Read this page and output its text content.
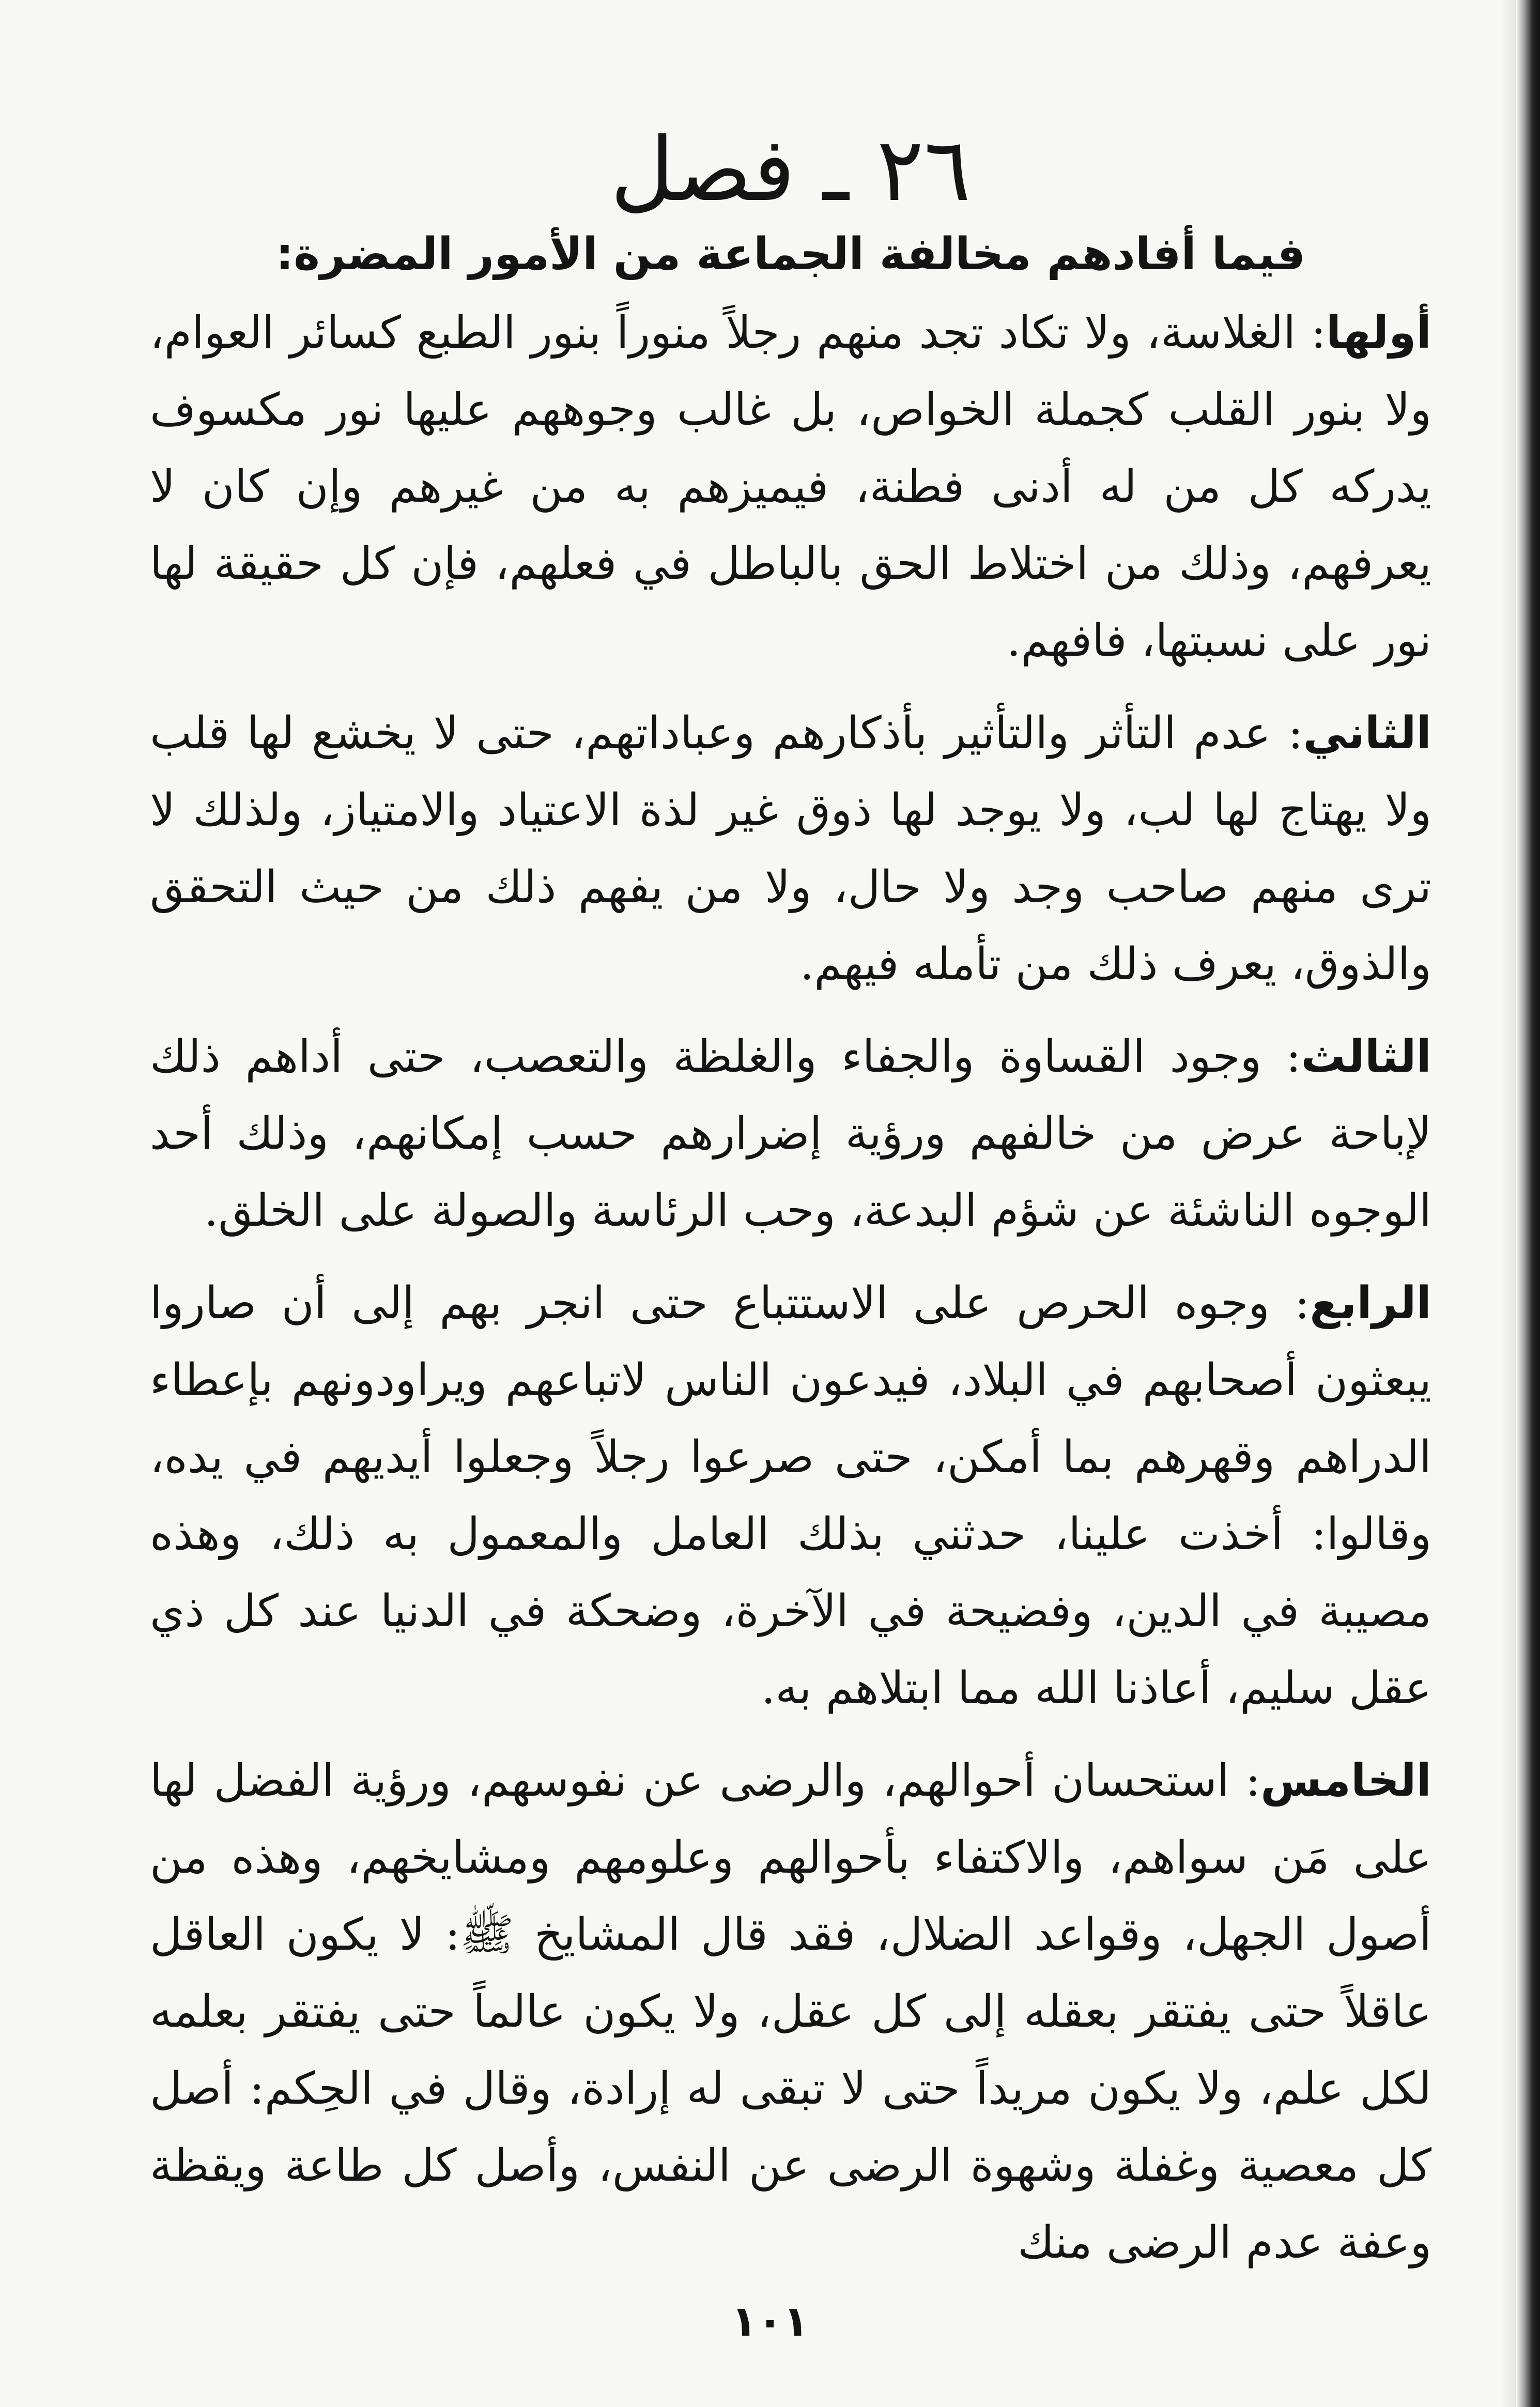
٢٦ ـ فصل
فيما أفادهم مخالفة الجماعة من الأمور المضرة:

أولها: الغلاسة، ولا تكاد تجد منهم رجلاً منوراً بنور الطبع كسائر العوام، ولا بنور القلب كجملة الخواص، بل غالب وجوههم عليها نور مكسوف يدركه كل من له أدنى فطنة، فيميزهم به من غيرهم وإن كان لا يعرفهم، وذلك من اختلاط الحق بالباطل في فعلهم، فإن كل حقيقة لها نور على نسبتها، فافهم.

الثاني: عدم التأثر والتأثير بأذكارهم وعباداتهم، حتى لا يخشع لها قلب ولا يهتاج لها لب، ولا يوجد لها ذوق غير لذة الاعتياد والامتياز، ولذلك لا ترى منهم صاحب وجد ولا حال، ولا من يفهم ذلك من حيث التحقق والذوق، يعرف ذلك من تأمله فيهم.

الثالث: وجود القساوة والجفاء والغلظة والتعصب، حتى أداهم ذلك لإباحة عرض من خالفهم ورؤية إضرارهم حسب إمكانهم، وذلك أحد الوجوه الناشئة عن شؤم البدعة، وحب الرئاسة والصولة على الخلق.

الرابع: وجوه الحرص على الاستتباع حتى انجر بهم إلى أن صاروا يبعثون أصحابهم في البلاد، فيدعون الناس لاتباعهم ويراودونهم بإعطاء الدراهم وقهرهم بما أمكن، حتى صرعوا رجلاً وجعلوا أيديهم في يده، وقالوا: أخذت علينا، حدثني بذلك العامل والمعمول به ذلك، وهذه مصيبة في الدين، وفضيحة في الآخرة، وضحكة في الدنيا عند كل ذي عقل سليم، أعاذنا الله مما ابتلاهم به.

الخامس: استحسان أحوالهم، والرضى عن نفوسهم، ورؤية الفضل لها على مَن سواهم، والاكتفاء بأحوالهم وعلومهم ومشايخهم، وهذه من أصول الجهل، وقواعد الضلال، فقد قال المشايخ ﷺ: لا يكون العاقل عاقلاً حتى يفتقر بعقله إلى كل عقل، ولا يكون عالماً حتى يفتقر بعلمه لكل علم، ولا يكون مريداً حتى لا تبقى له إرادة، وقال في الحِكم: أصل كل معصية وغفلة وشهوة الرضى عن النفس، وأصل كل طاعة ويقظة وعفة عدم الرضى منك

١٠١
